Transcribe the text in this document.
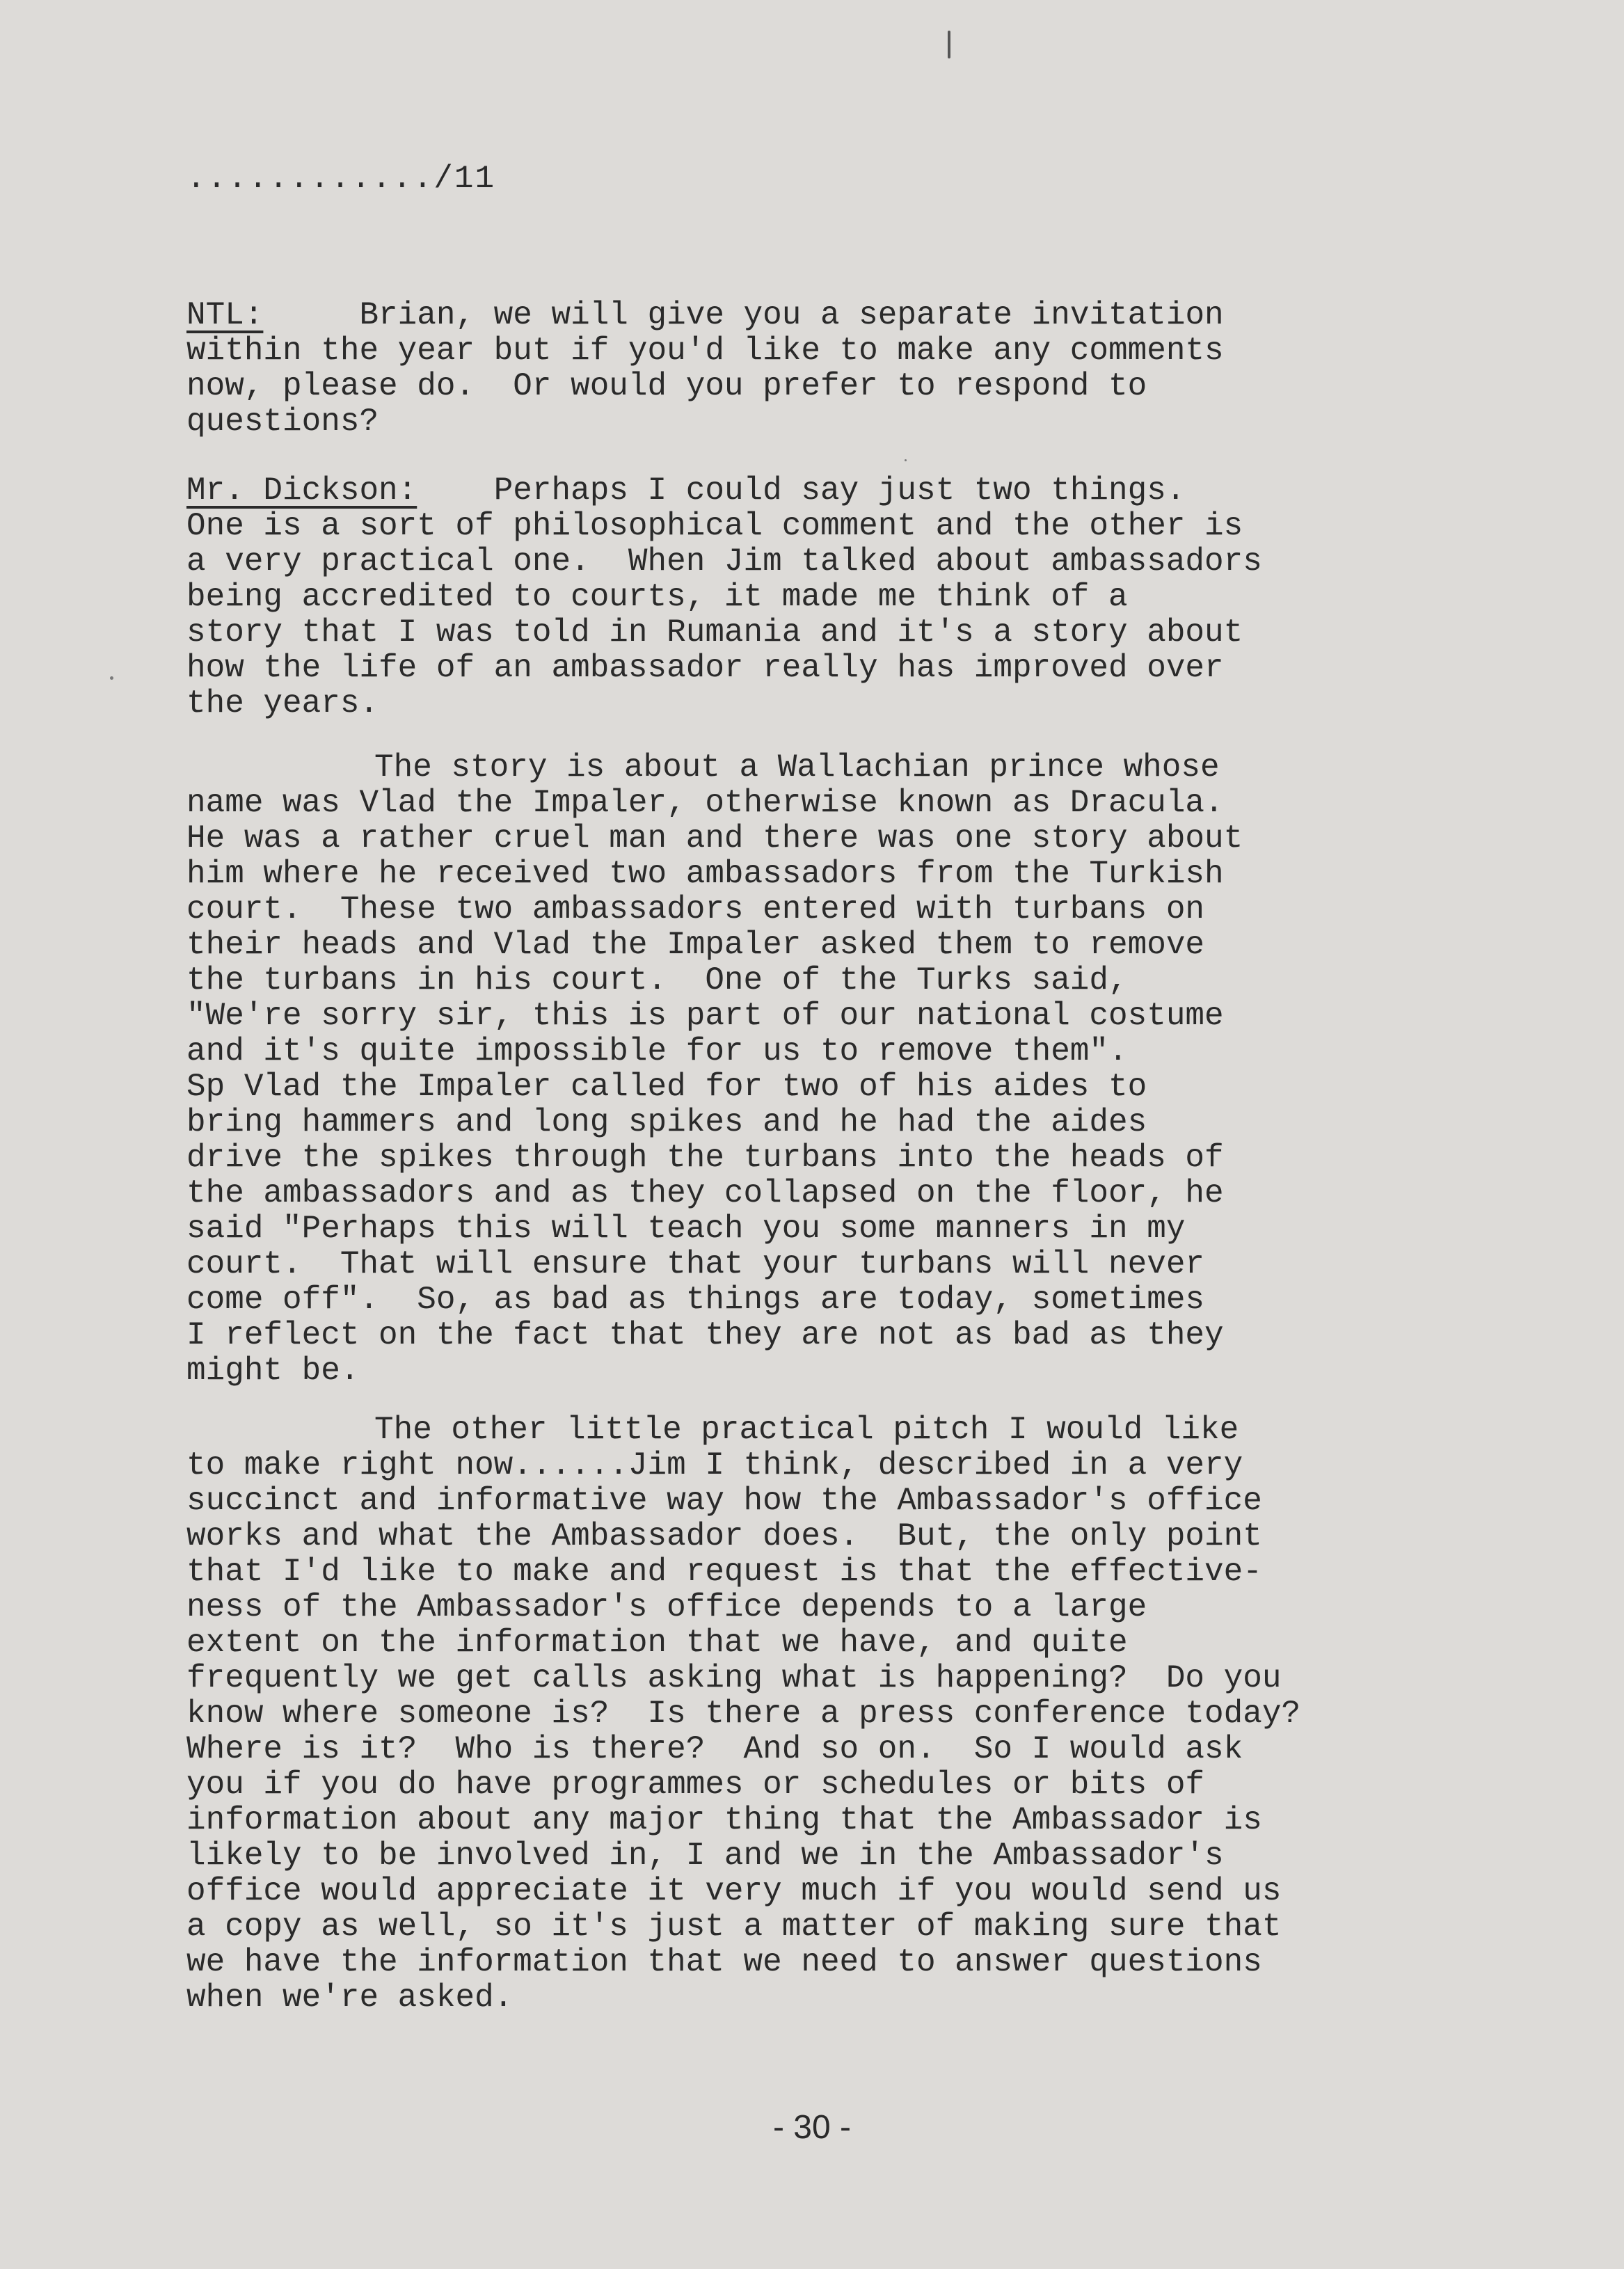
............/11

NTL:	Brian, we will give you a separate invitation
within the year but if you'd like to make any comments
now, please do.  Or would you prefer to respond to
questions?

Mr. Dickson: Perhaps I could say just two things.
One is a sort of philosophical comment and the other is
a very practical one.  When Jim talked about ambassadors
being accredited to courts, it made me think of a
story that I was told in Rumania and it's a story about
how the life of an ambassador really has improved over
the years.

The story is about a Wallachian prince whose
name was Vlad the Impaler, otherwise known as Dracula.
He was a rather cruel man and there was one story about
him where he received two ambassadors from the Turkish
court.  These two ambassadors entered with turbans on
their heads and Vlad the Impaler asked them to remove
the turbans in his court.  One of the Turks said,
"We're sorry sir, this is part of our national costume
and it's quite impossible for us to remove them".
Sp Vlad the Impaler called for two of his aides to
bring hammers and long spikes and he had the aides
drive the spikes through the turbans into the heads of
the ambassadors and as they collapsed on the floor, he
said "Perhaps this will teach you some manners in my
court.  That will ensure that your turbans will never
come off".  So, as bad as things are today, sometimes
I reflect on the fact that they are not as bad as they
might be.

The other little practical pitch I would like
to make right now......Jim I think, described in a very
succinct and informative way how the Ambassador's office
works and what the Ambassador does.  But, the only point
that I'd like to make and request is that the effective-
ness of the Ambassador's office depends to a large
extent on the information that we have, and quite
frequently we get calls asking what is happening?  Do you
know where someone is?  Is there a press conference today?
Where is it?  Who is there?  And so on.  So I would ask
you if you do have programmes or schedules or bits of
information about any major thing that the Ambassador is
likely to be involved in, I and we in the Ambassador's
office would appreciate it very much if you would send us
a copy as well, so it's just a matter of making sure that
we have the information that we need to answer questions
when we're asked.

- 30 -
